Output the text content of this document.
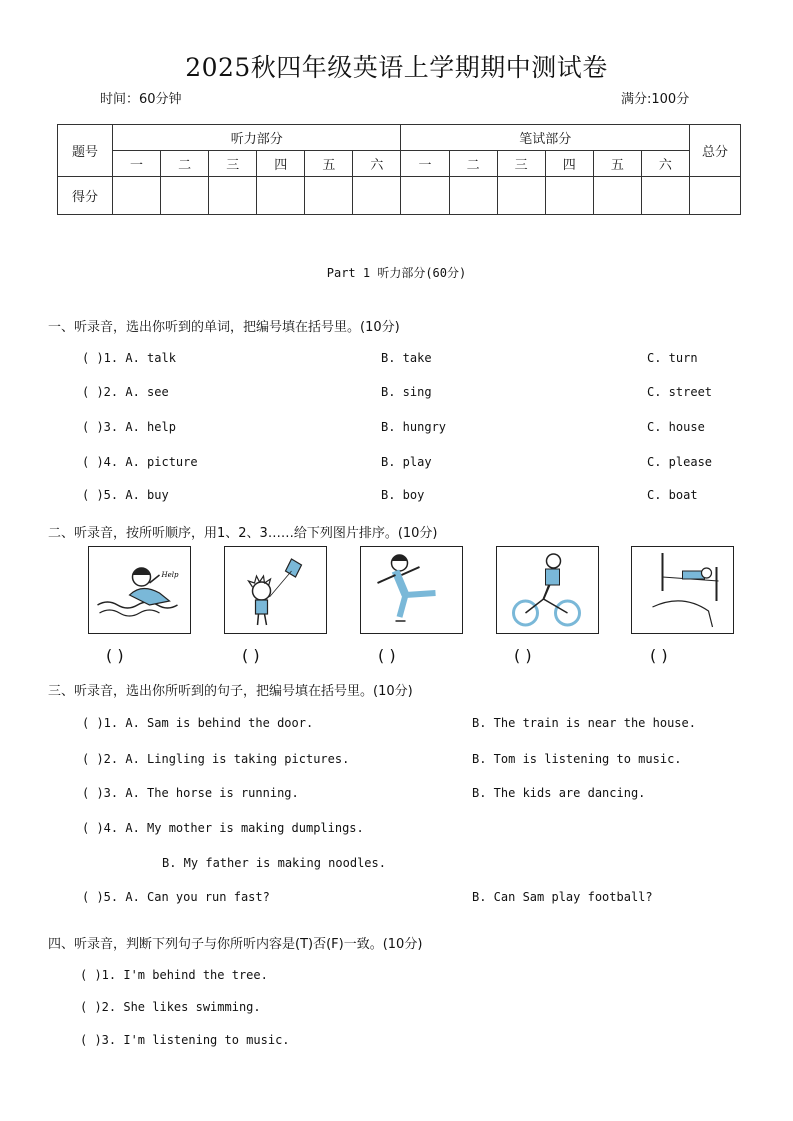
2025秋四年级英语上学期期中测试卷
时间：60分钟	满分:100分
题号	听力部分						笔试部分						总分
	一	二	三	四	五	六	一	二	三	四	五	六	
得分													
Part 1 听力部分(60分)
一、听录音，选出你听到的单词，把编号填在括号里。(10分)
( )1. A. talk	B. take	C. turn
( )2. A. see	B. sing	C. street
( )3. A. help	B. hungry	C. house
( )4. A. picture	B. play	C. please
( )5. A. buy	B. boy	C. boat
二、听录音，按所听顺序，用1、2、3……给下列图片排序。(10分)
Help
( )	( )	( )	( )	( )
三、听录音，选出你所听到的句子，把编号填在括号里。(10分)
( )1. A. Sam is behind the door.	B. The train is near the house.
( )2. A. Lingling is taking pictures.	B. Tom is listening to music.
( )3. A. The horse is running.	B. The kids are dancing.
( )4. A. My mother is making dumplings.
B. My father is making noodles.
( )5. A. Can you run fast?	B. Can Sam play football?
四、听录音，判断下列句子与你所听内容是(T)否(F)一致。(10分)
( )1. I'm behind the tree.
( )2. She likes swimming.
( )3. I'm listening to music.
